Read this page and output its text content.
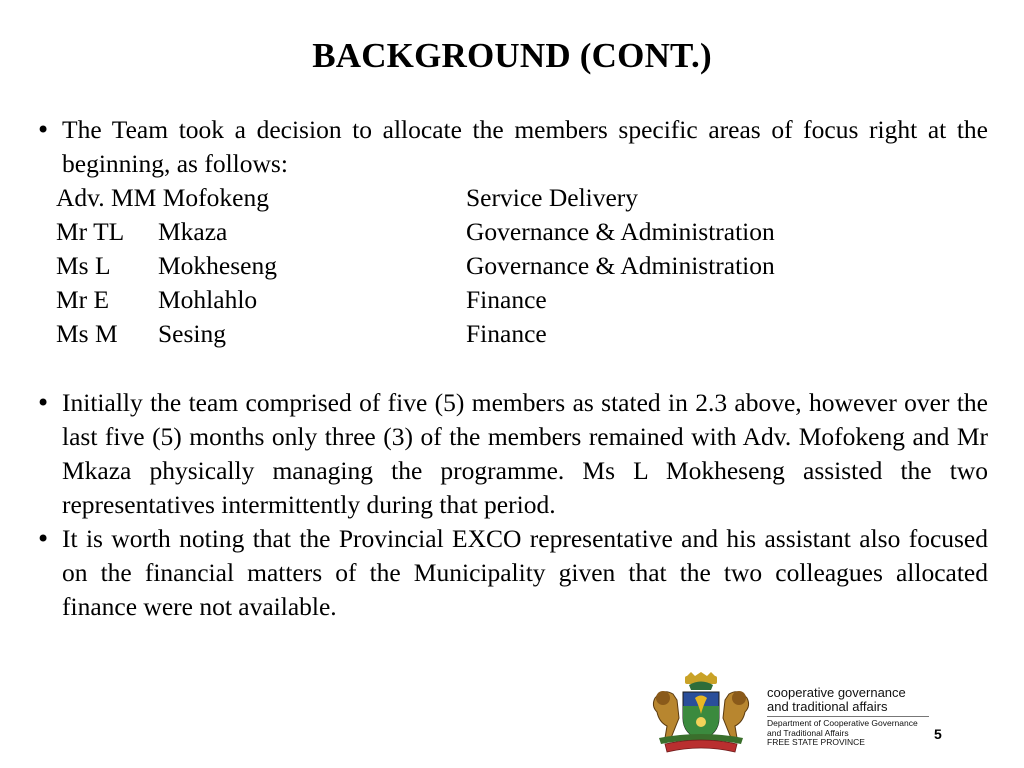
BACKGROUND (CONT.)
• The Team took a decision to allocate the members specific areas of focus right at the beginning, as follows:
Adv. MM Mofokeng	Service Delivery
Mr TL Mkaza	Governance & Administration
Ms L Mokheseng	Governance & Administration
Mr E Mohlahlo	Finance
Ms M Sesing	Finance
• Initially the team comprised of five (5) members as stated in 2.3 above, however over the last five (5) months only three (3) of the members remained with Adv. Mofokeng and Mr Mkaza physically managing the programme. Ms L Mokheseng assisted the two representatives intermittently during that period.
• It is worth noting that the Provincial EXCO representative and his assistant also focused on the financial matters of the Municipality given that the two colleagues allocated finance were not available.
cooperative governance
and traditional affairs
Department of Cooperative Governance
and Traditional Affairs
FREE STATE PROVINCE	5
